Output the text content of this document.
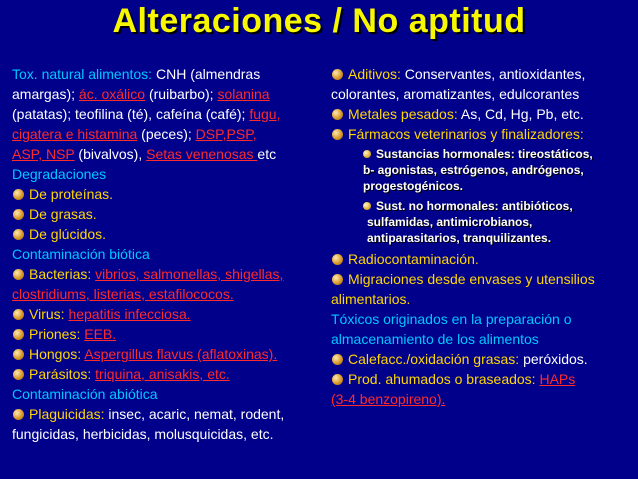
Alteraciones / No aptitud
Tox. natural alimentos: CNH (almendras
amargas); ác. oxálico (ruibarbo); solanina
(patatas); teofilina (té), cafeína (café); fugu,
cigatera e histamina (peces); DSP,PSP,
ASP, NSP (bivalvos), Setas venenosas etc
Degradaciones
De proteínas.
De grasas.
De glúcidos.
Contaminación biótica
Bacterias: vibrios, salmonellas, shigellas,
clostridiums, listerias, estafilococos.
Virus: hepatitis infecciosa.
Priones: EEB.
Hongos: Aspergillus flavus (aflatoxinas).
Parásitos: triquina, anisakis, etc.
Contaminación abiótica
Plaguicidas: insec, acaric, nemat, rodent,
fungicidas, herbicidas, molusquicidas, etc.
Aditivos: Conservantes, antioxidantes,
colorantes, aromatizantes, edulcorantes
Metales pesados: As, Cd, Hg, Pb, etc.
Fármacos veterinarios y finalizadores:
Sustancias hormonales: tireostáticos,
b- agonistas, estrógenos, andrógenos,
progestogénicos.
Sust. no hormonales: antibióticos,
sulfamidas, antimicrobianos,
antiparasitarios, tranquilizantes.
Radiocontaminación.
Migraciones desde envases y utensilios
alimentarios.
Tóxicos originados en la preparación o
almacenamiento de los alimentos
Calefacc./oxidación grasas: peróxidos.
Prod. ahumados o braseados: HAPs
(3-4 benzopireno).
